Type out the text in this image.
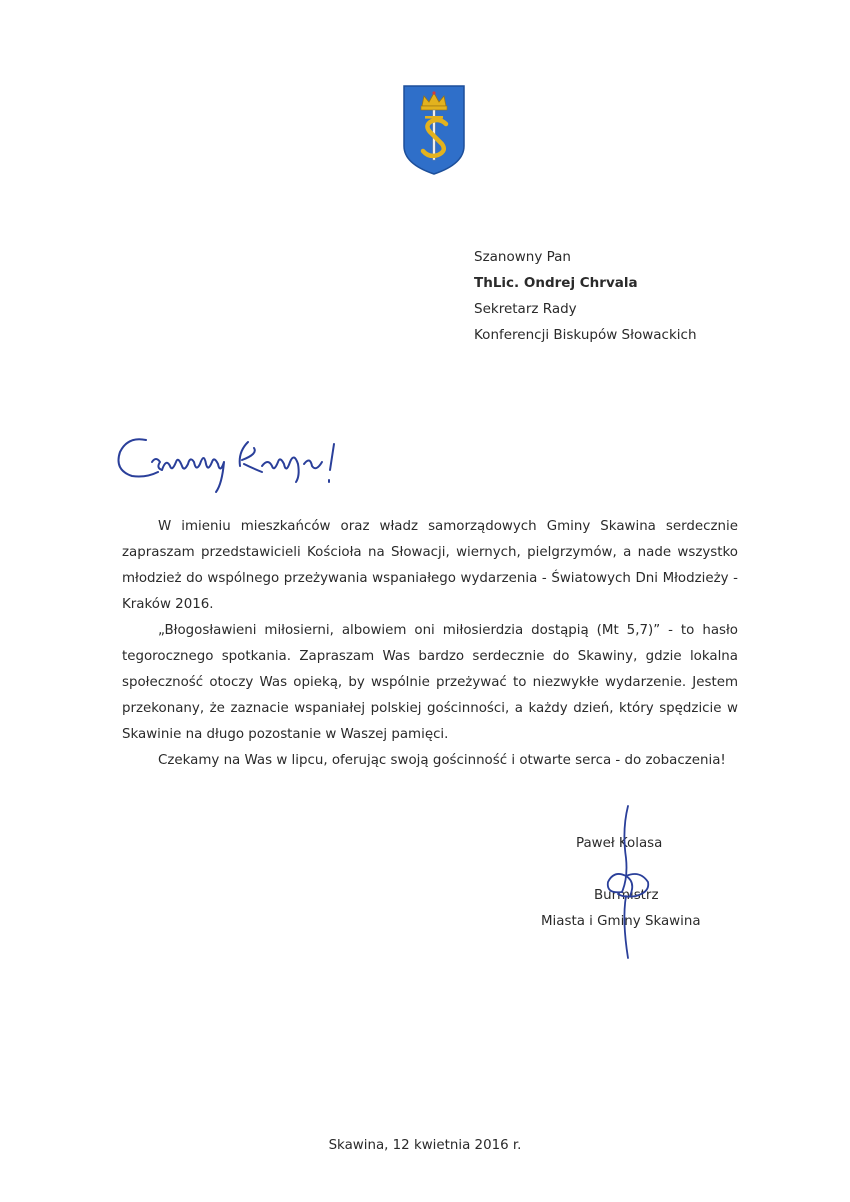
Szanowny Pan
ThLic. Ondrej Chrvala
Sekretarz Rady
Konferencji Biskupów Słowackich

W imieniu mieszkańców oraz władz samorządowych Gminy Skawina serdecznie zapraszam przedstawicieli Kościoła na Słowacji, wiernych, pielgrzymów, a nade wszystko młodzież do wspólnego przeżywania wspaniałego wydarzenia - Światowych Dni Młodzieży - Kraków 2016.

„Błogosławieni miłosierni, albowiem oni miłosierdzia dostąpią (Mt 5,7)” - to hasło tegorocznego spotkania. Zapraszam Was bardzo serdecznie do Skawiny, gdzie lokalna społeczność otoczy Was opieką, by wspólnie przeżywać to niezwykłe wydarzenie. Jestem przekonany, że zaznacie wspaniałej polskiej gościnności, a każdy dzień, który spędzicie w Skawinie na długo pozostanie w Waszej pamięci.

Czekamy na Was w lipcu, oferując swoją gościnność i otwarte serca - do zobaczenia!

Paweł Kolasa
Burmistrz
Miasta i Gminy Skawina
Skawina, 12 kwietnia 2016 r.
